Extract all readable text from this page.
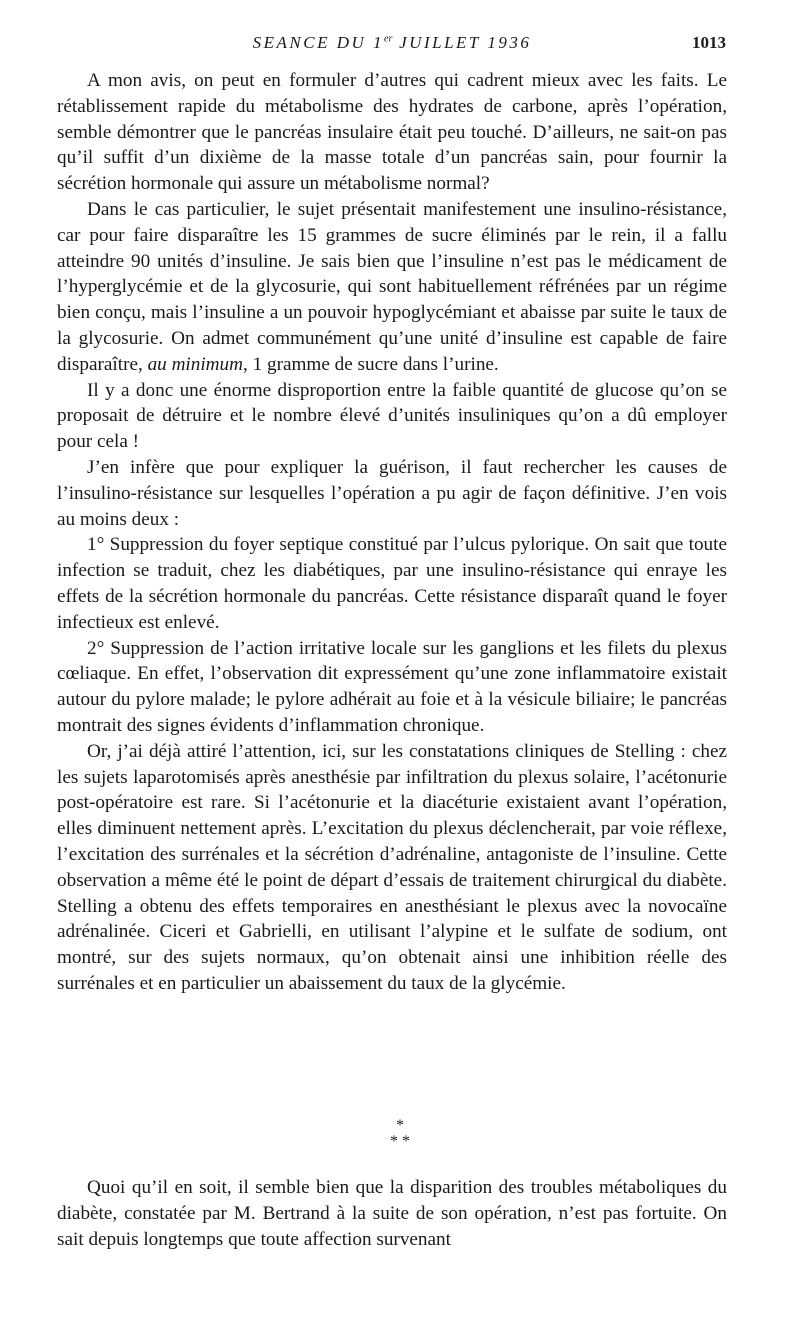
SEANCE DU 1er JUILLET 1936	1013

A mon avis, on peut en formuler d’autres qui cadrent mieux avec les faits. Le rétablissement rapide du métabolisme des hydrates de carbone, après l’opération, semble démontrer que le pancréas insulaire était peu touché. D’ailleurs, ne sait-on pas qu’il suffit d’un dixième de la masse totale d’un pancréas sain, pour fournir la sécrétion hormonale qui assure un métabolisme normal?

Dans le cas particulier, le sujet présentait manifestement une insulino-résistance, car pour faire disparaître les 15 grammes de sucre éliminés par le rein, il a fallu atteindre 90 unités d’insuline. Je sais bien que l’insuline n’est pas le médicament de l’hyperglycémie et de la glycosurie, qui sont habituellement réfrénées par un régime bien conçu, mais l’insuline a un pouvoir hypoglycémiant et abaisse par suite le taux de la glycosurie. On admet communément qu’une unité d’insuline est capable de faire disparaître, au minimum, 1 gramme de sucre dans l’urine.

Il y a donc une énorme disproportion entre la faible quantité de glucose qu’on se proposait de détruire et le nombre élevé d’unités insuliniques qu’on a dû employer pour cela !

J’en infère que pour expliquer la guérison, il faut rechercher les causes de l’insulino-résistance sur lesquelles l’opération a pu agir de façon définitive. J’en vois au moins deux :

1° Suppression du foyer septique constitué par l’ulcus pylorique. On sait que toute infection se traduit, chez les diabétiques, par une insulino-résistance qui enraye les effets de la sécrétion hormonale du pancréas. Cette résistance disparaît quand le foyer infectieux est enlevé.

2° Suppression de l’action irritative locale sur les ganglions et les filets du plexus cœliaque. En effet, l’observation dit expressément qu’une zone inflammatoire existait autour du pylore malade; le pylore adhérait au foie et à la vésicule biliaire; le pancréas montrait des signes évidents d’inflammation chronique.

Or, j’ai déjà attiré l’attention, ici, sur les constatations cliniques de Stelling : chez les sujets laparotomisés après anesthésie par infiltration du plexus solaire, l’acétonurie post-opératoire est rare. Si l’acétonurie et la diacéturie existaient avant l’opération, elles diminuent nettement après. L’excitation du plexus déclencherait, par voie réflexe, l’excitation des surrénales et la sécrétion d’adrénaline, antagoniste de l’insuline. Cette observation a même été le point de départ d’essais de traitement chirurgical du diabète. Stelling a obtenu des effets temporaires en anesthésiant le plexus avec la novocaïne adrénalinée. Ciceri et Gabrielli, en utilisant l’alypine et le sulfate de sodium, ont montré, sur des sujets normaux, qu’on obtenait ainsi une inhibition réelle des surrénales et en particulier un abaissement du taux de la glycémie.

*
* *

Quoi qu’il en soit, il semble bien que la disparition des troubles métaboliques du diabète, constatée par M. Bertrand à la suite de son opération, n’est pas fortuite. On sait depuis longtemps que toute affection survenant
